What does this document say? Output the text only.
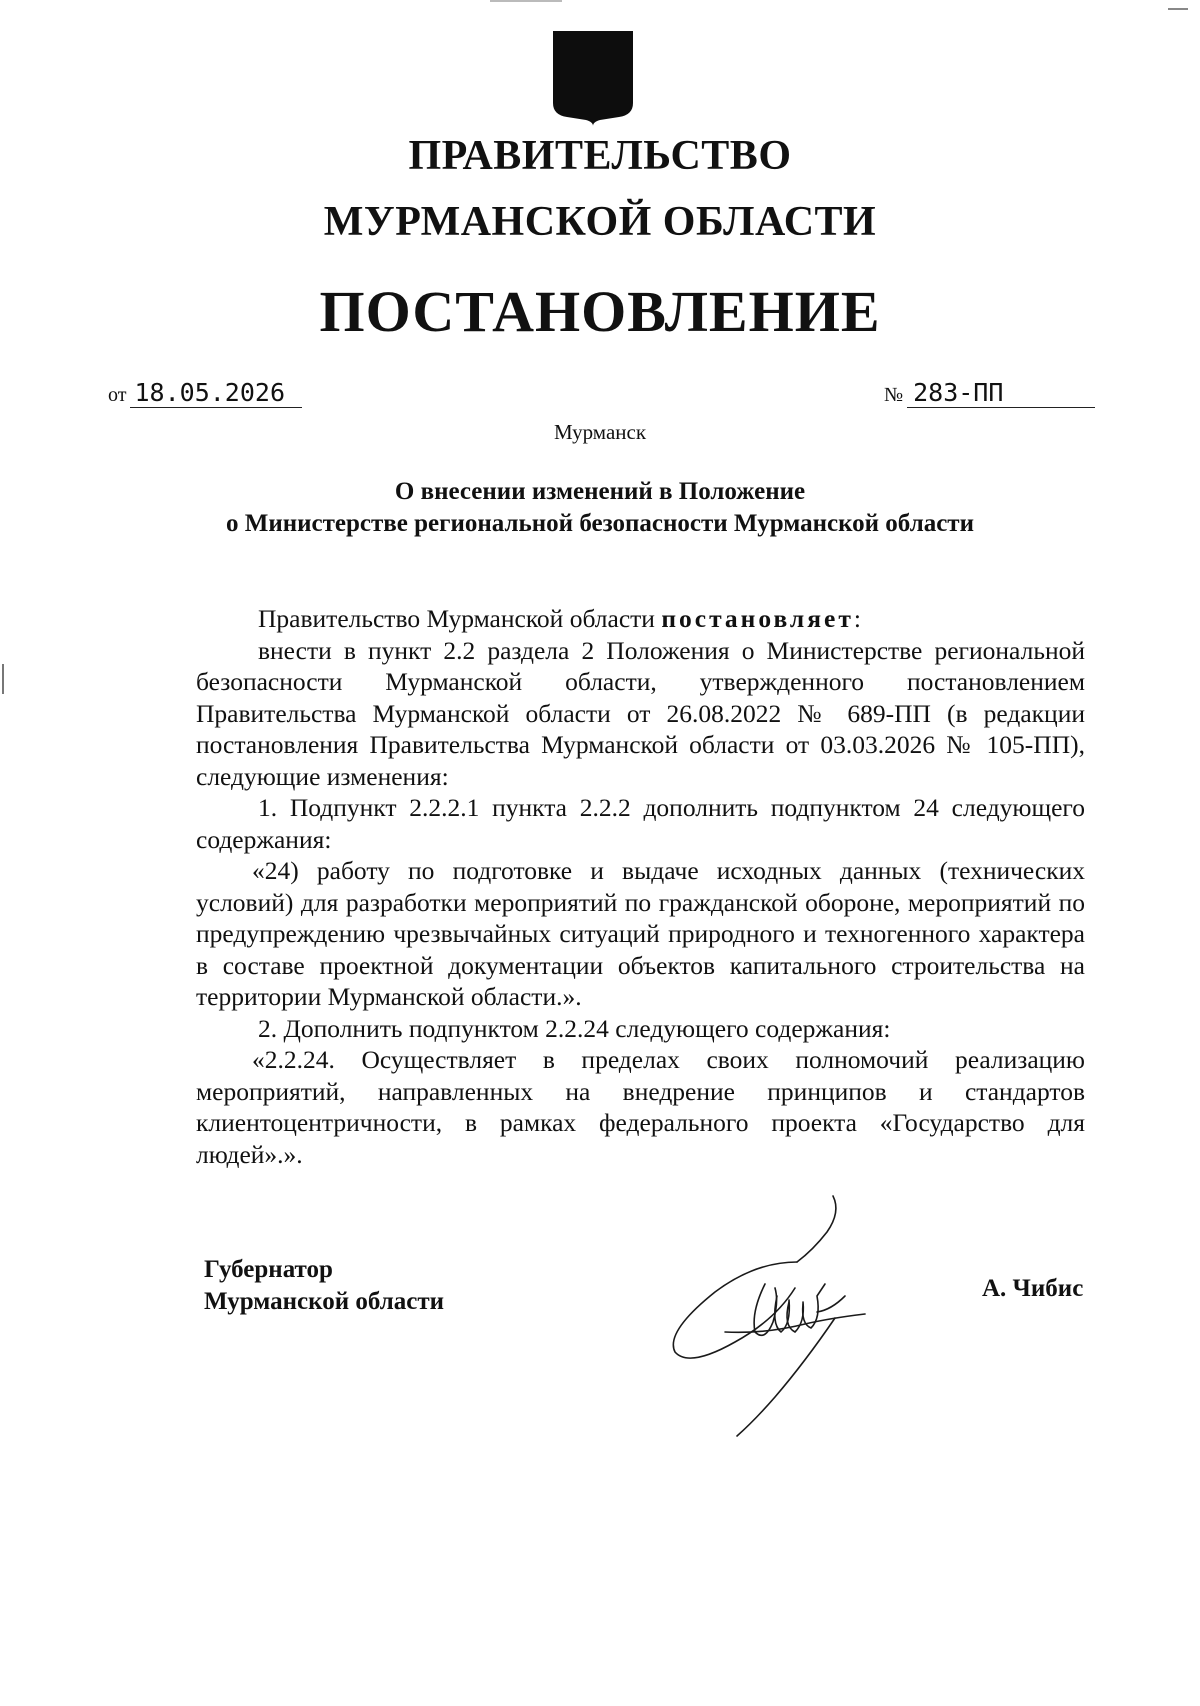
ПРАВИТЕЛЬСТВО
МУРМАНСКОЙ ОБЛАСТИ
ПОСТАНОВЛЕНИЕ
от 18.05.2026	№ 283-ПП
Мурманск
О внесении изменений в Положение
о Министерстве региональной безопасности Мурманской области

Правительство Мурманской области постановляет:

внести в пункт 2.2 раздела 2 Положения о Министерстве региональной безопасности Мурманской области, утвержденного постановлением Правительства Мурманской области от 26.08.2022 № 689-ПП (в редакции постановления Правительства Мурманской области от 03.03.2026 № 105-ПП), следующие изменения:

1. Подпункт 2.2.2.1 пункта 2.2.2 дополнить подпунктом 24 следующего содержания:

«24) работу по подготовке и выдаче исходных данных (технических условий) для разработки мероприятий по гражданской обороне, мероприятий по предупреждению чрезвычайных ситуаций природного и техногенного характера в составе проектной документации объектов капитального строительства на территории Мурманской области.».

2. Дополнить подпунктом 2.2.24 следующего содержания:

«2.2.24. Осуществляет в пределах своих полномочий реализацию мероприятий, направленных на внедрение принципов и стандартов клиентоцентричности, в рамках федерального проекта «Государство для людей».».

Губернатор
Мурманской области	А. Чибис
